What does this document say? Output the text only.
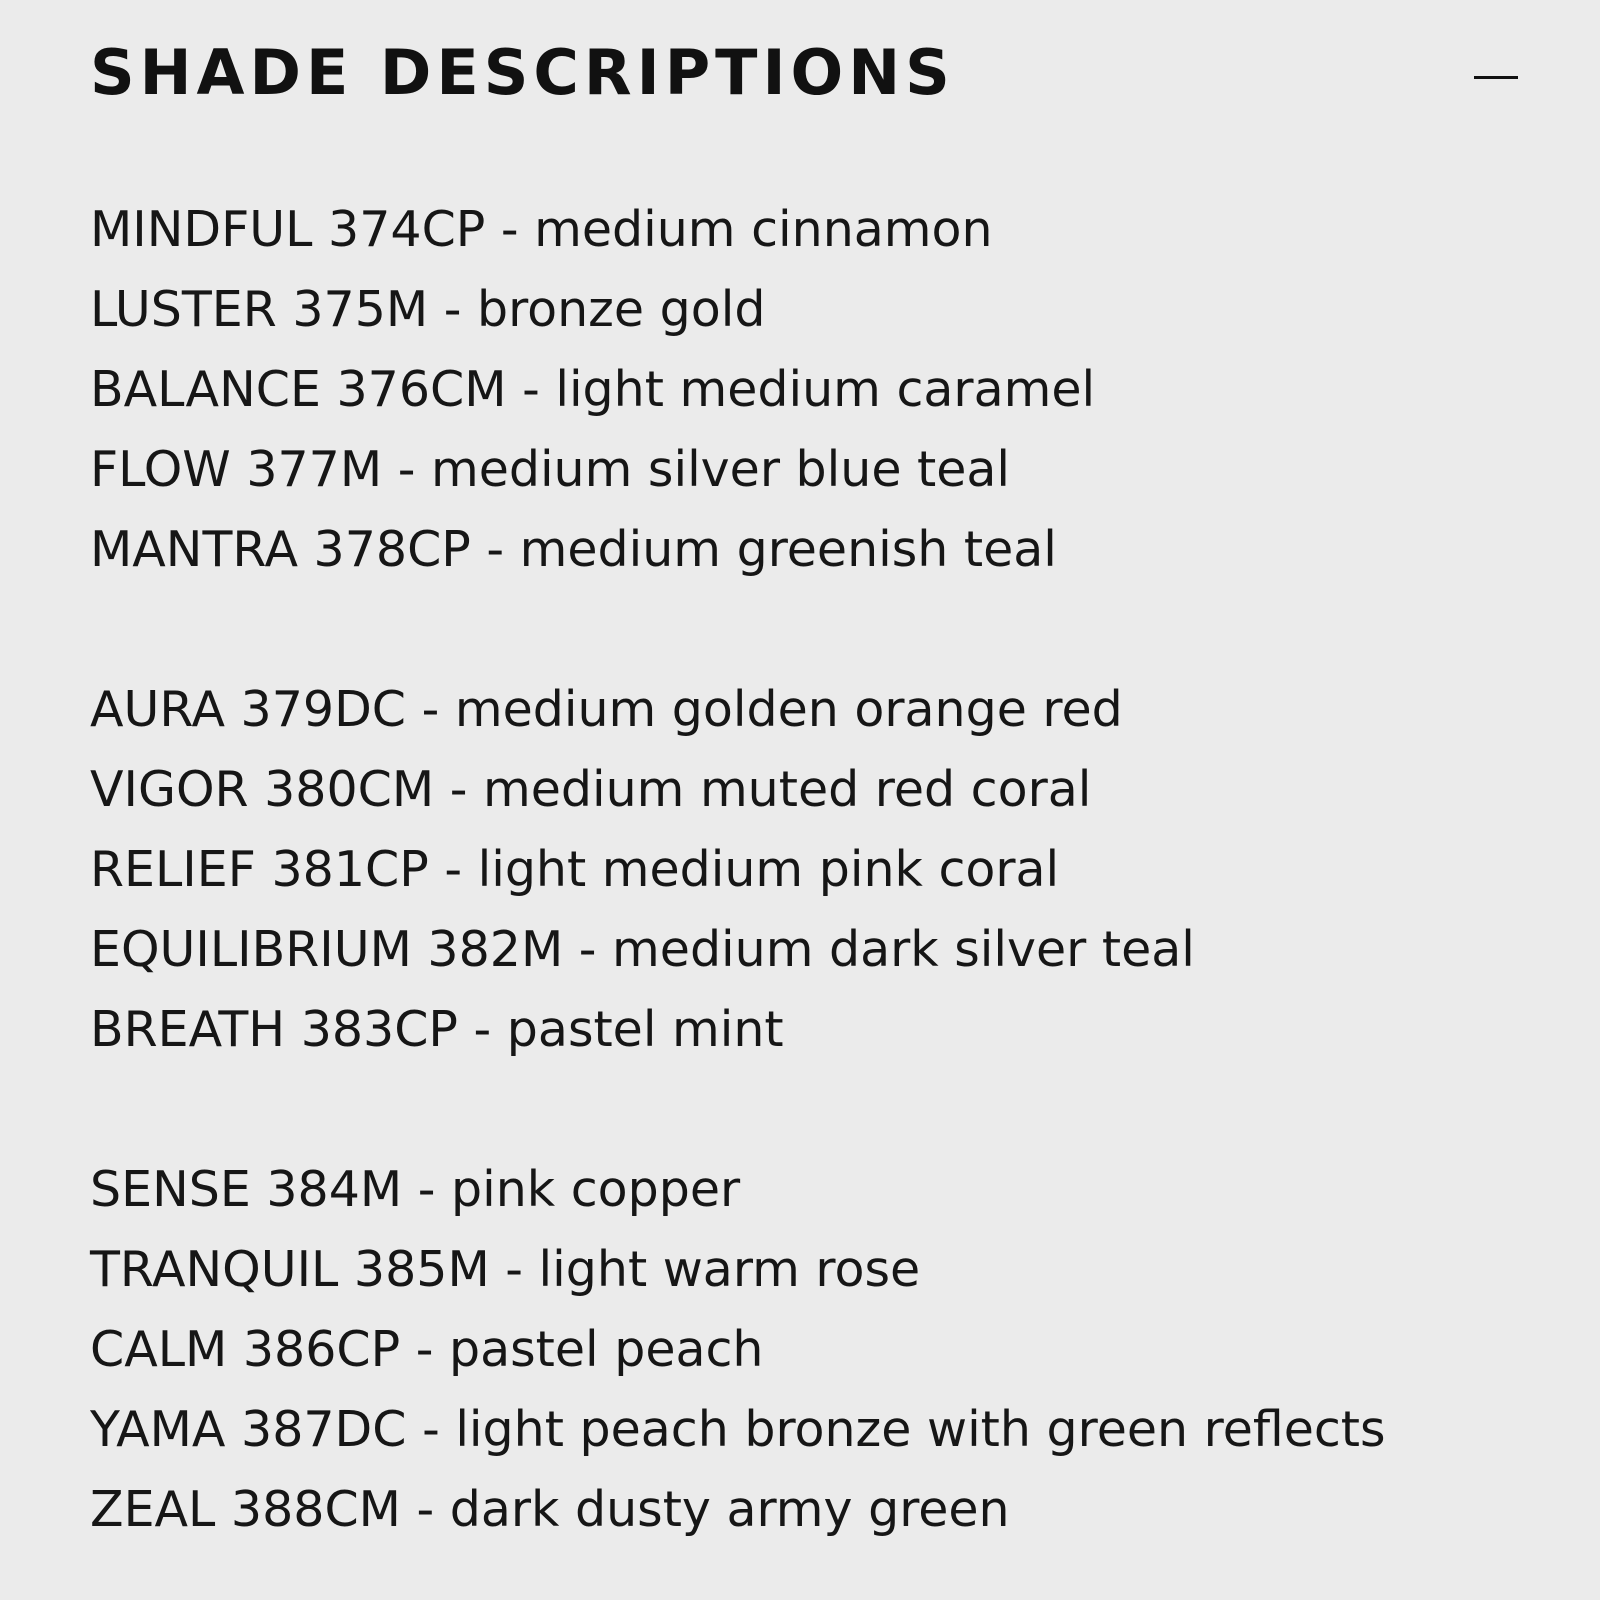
SHADE DESCRIPTIONS
MINDFUL 374CP - medium cinnamon
LUSTER 375M - bronze gold
BALANCE 376CM - light medium caramel
FLOW 377M - medium silver blue teal
MANTRA 378CP - medium greenish teal
AURA 379DC - medium golden orange red
VIGOR 380CM - medium muted red coral
RELIEF 381CP - light medium pink coral
EQUILIBRIUM 382M - medium dark silver teal
BREATH 383CP - pastel mint
SENSE 384M - pink copper
TRANQUIL 385M - light warm rose
CALM 386CP - pastel peach
YAMA 387DC - light peach bronze with green reflects
ZEAL 388CM - dark dusty army green
